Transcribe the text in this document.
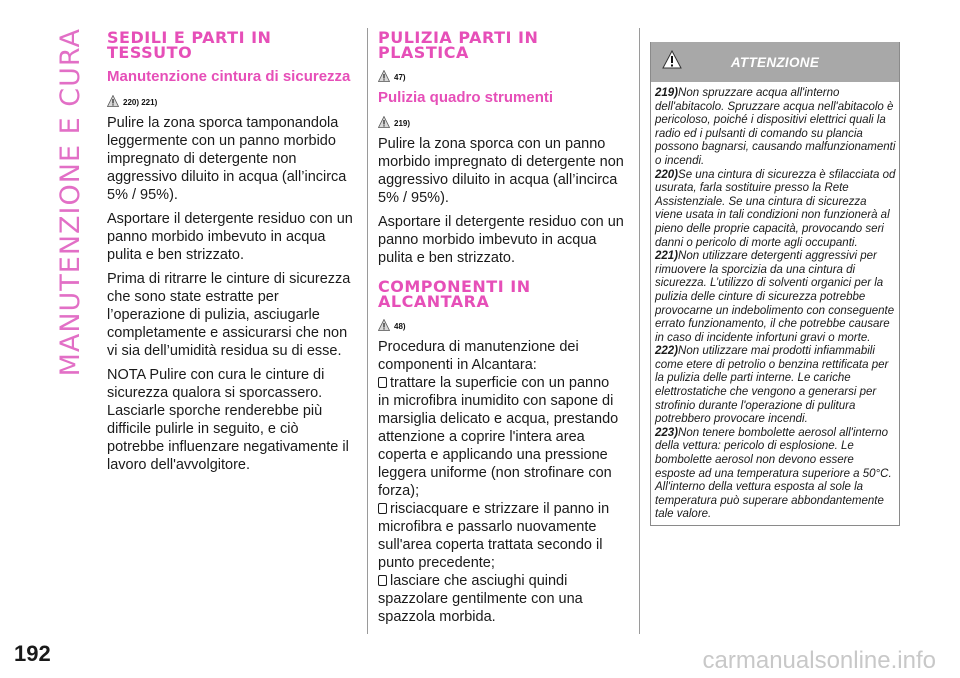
MANUTENZIONE E CURA SEDILI E PARTI IN TESSUTO
Manutenzione cintura di sicurezza
220) 221)

Pulire la zona sporca tamponandola leggermente con un panno morbido impregnato di detergente non aggressivo diluito in acqua (all’incirca 5% / 95%).

Asportare il detergente residuo con un panno morbido imbevuto in acqua pulita e ben strizzato.

Prima di ritrarre le cinture di sicurezza che sono state estratte per l’operazione di pulizia, asciugarle completamente e assicurarsi che non vi sia dell’umidità residua su di esse.

NOTA Pulire con cura le cinture di sicurezza qualora si sporcassero. Lasciarle sporche renderebbe più difficile pulirle in seguito, e ciò potrebbe influenzare negativamente il lavoro dell'avvolgitore.

PULIZIA PARTI IN PLASTICA
47)
Pulizia quadro strumenti
219)

Pulire la zona sporca con un panno morbido impregnato di detergente non aggressivo diluito in acqua (all’incirca 5% / 95%).

Asportare il detergente residuo con un panno morbido imbevuto in acqua pulita e ben strizzato.

COMPONENTI IN ALCANTARA
48)

Procedura di manutenzione dei componenti in Alcantara:

trattare la superficie con un panno in microfibra inumidito con sapone di marsiglia delicato e acqua, prestando attenzione a coprire l'intera area coperta e applicando una pressione leggera uniforme (non strofinare con forza);

risciacquare e strizzare il panno in microfibra e passarlo nuovamente sull'area coperta trattata secondo il punto precedente;

lasciare che asciughi quindi spazzolare gentilmente con una spazzola morbida.

ATTENZIONE

219)Non spruzzare acqua all'interno dell'abitacolo. Spruzzare acqua nell'abitacolo è pericoloso, poiché i dispositivi elettrici quali la radio ed i pulsanti di comando su plancia possono bagnarsi, causando malfunzionamenti o incendi.

220)Se una cintura di sicurezza è sfilacciata od usurata, farla sostituire presso la Rete Assistenziale. Se una cintura di sicurezza viene usata in tali condizioni non funzionerà al pieno delle proprie capacità, provocando seri danni o pericolo di morte agli occupanti.

221)Non utilizzare detergenti aggressivi per rimuovere la sporcizia da una cintura di sicurezza. L’utilizzo di solventi organici per la pulizia delle cinture di sicurezza potrebbe provocarne un indebolimento con conseguente errato funzionamento, il che potrebbe causare in caso di incidente infortuni gravi o morte.

222)Non utilizzare mai prodotti infiammabili come etere di petrolio o benzina rettificata per la pulizia delle parti interne. Le cariche elettrostatiche che vengono a generarsi per strofinio durante l'operazione di pulitura potrebbero provocare incendi.

223)Non tenere bombolette aerosol all'interno della vettura: pericolo di esplosione. Le bombolette aerosol non devono essere esposte ad una temperatura superiore a 50°C. All'interno della vettura esposta al sole la temperatura può superare abbondantemente tale valore.

192	carmanualsonline.info
